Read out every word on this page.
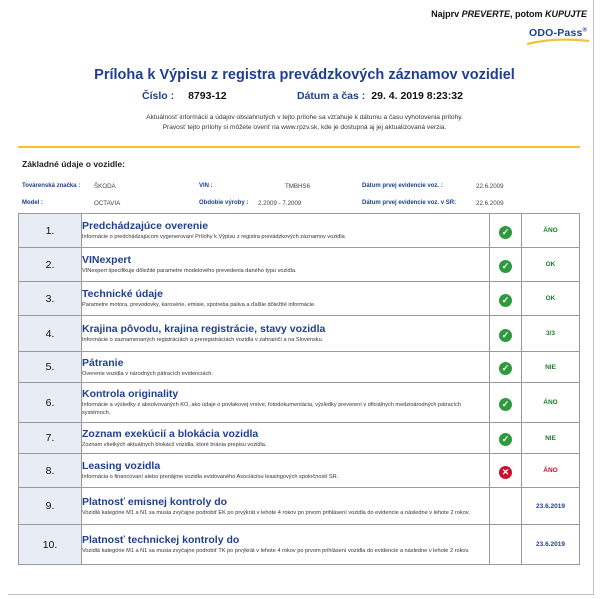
Najprv PREVERTE, potom KUPUJTE
ODO-Pass®
Príloha k Výpisu z registra prevádzkových záznamov vozidiel
Číslo : 8793-12	Dátum a čas : 29. 4. 2019 8:23:32
Aktuálnosť informácií a údajov obsiahnutých v tejto prílohe sa vzťahuje k dátumu a času vyhotovenia prílohy.
Pravosť tejto prílohy si môžete overiť na www.rpzv.sk, kde je dostupná aj jej aktualizovaná verzia.
Základné údaje o vozidle:
Továrenská značka : ŠKODA	VIN :	TMBHS6	Dátum prvej evidencie voz. :	22.6.2009
Model :	OCTAVIA	Obdobie výroby : 2.2009 - 7.2009	Dátum prvej evidencie voz. v SR:	22.6.2009
1.	Predchádzajúce overenie
Informácie o predchádzajúcom vygenerovaní Prílohy k Výpisu z registra prevádzkových záznamov vozidla	✓	ÁNO
2.	VINexpert
VINexpert špecifikuje dôležité parametre modelového prevedenia daného typu vozidla.	✓	OK
3.	Technické údaje
Parametre motora, prevodovky, karosérie, emisie, spotreba paliva a ďalšie dôležité informácie.	✓	OK
4.	Krajina pôvodu, krajina registrácie, stavy vozidla
Informácie o zaznamenaných registráciách a preregistráciách vozidla v zahraničí a na Slovensku.	✓	3/3
5.	Pátranie
Overenie vozidla v národných pátracích evidenciách.	✓	NIE
6.	Kontrola originality
Informácie a výsledky z absolvovaných KO, ako údaje o povlakovej vrstve, fotodokumentácia, výsledky preverení v oficiálnych medzinárodných pátracích systémoch.	✓	ÁNO
7.	Zoznam exekúcií a blokácia vozidla
Zoznam všetkých aktuálnych blokácií vozidla, ktoré bránia prepisu vozidla.	✓	NIE
8.	Leasing vozidla
Informácia o financovaní alebo prenájme vozidla evidovaného Asociáciou leasingových spoločností SR.	✕	ÁNO
9.	Platnosť emisnej kontroly do
Vozidlá kategórie M1 a N1 sa musia zvyčajne podrobiť EK po prvýkrát v lehote 4 rokov po prvom prihlásení vozidla do evidencie a následne v lehote 2 rokov.		23.6.2019
10.	Platnosť technickej kontroly do
Vozidlá kategórie M1 a N1 sa musia zvyčajne podrobiť TK po prvýkrát v lehote 4 rokov po prvom prihlásení vozidla do evidencie a následne v lehote 2 rokov.		23.6.2019
